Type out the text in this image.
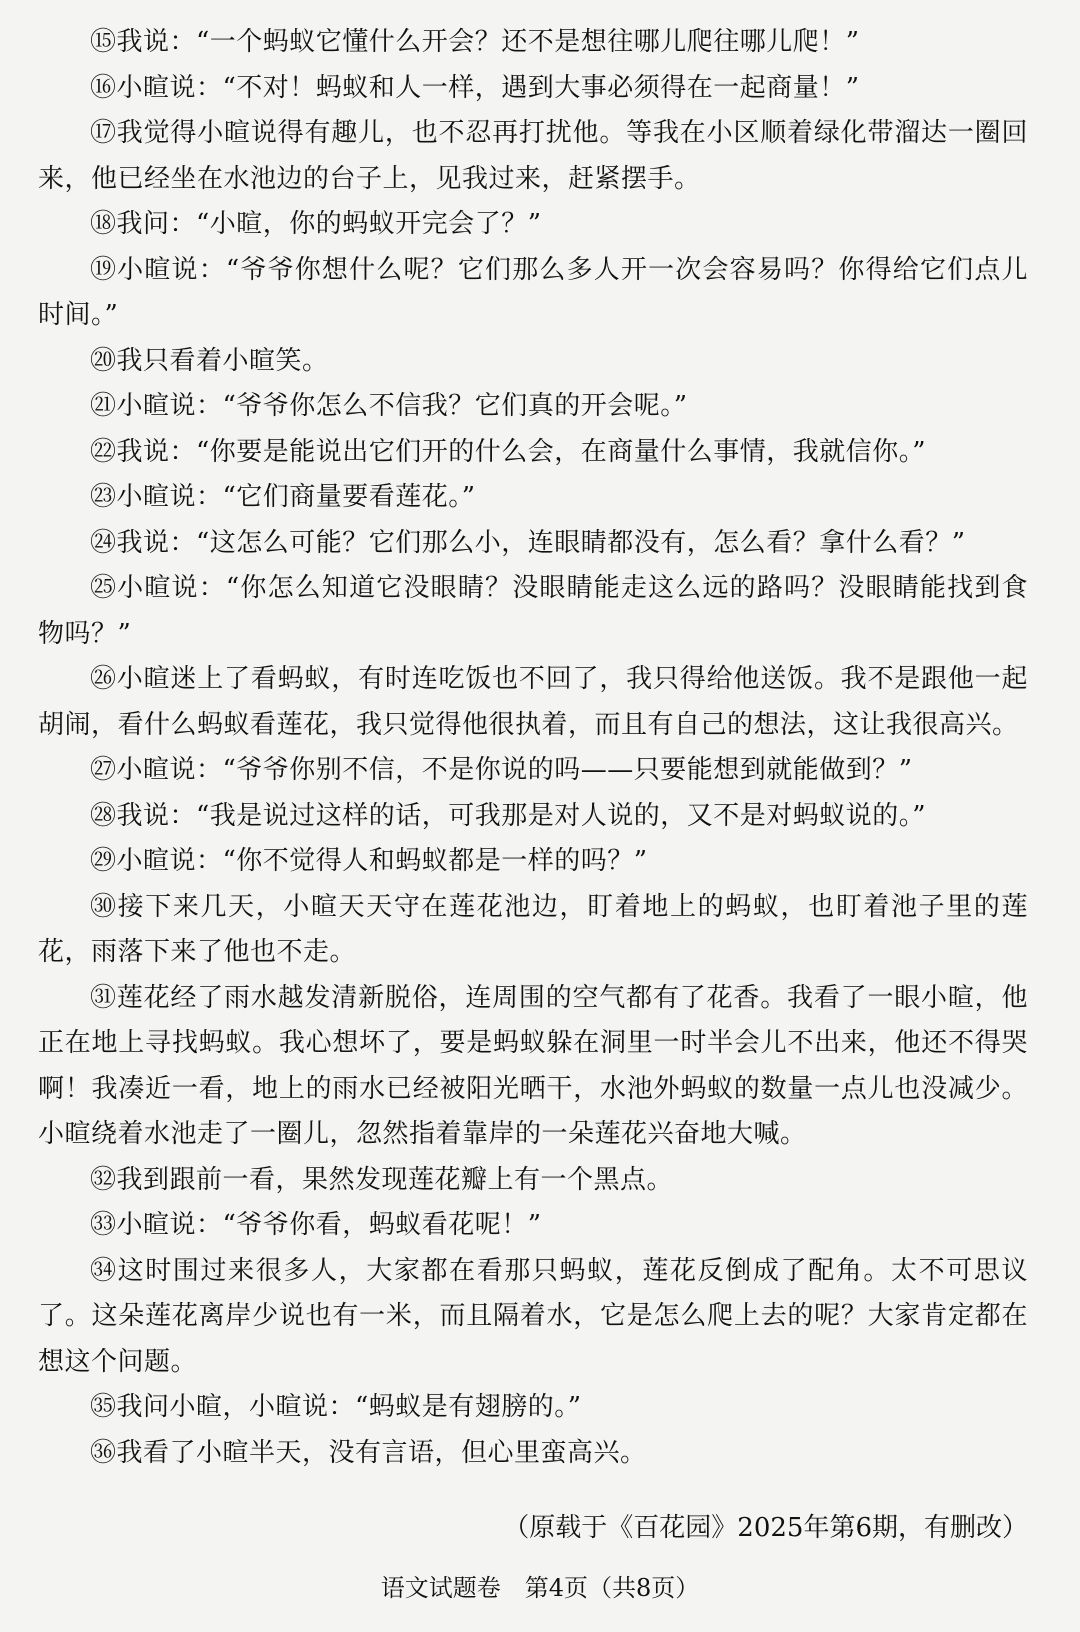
⑮我说：“一个蚂蚁它懂什么开会？还不是想往哪儿爬往哪儿爬！”

⑯小暄说：“不对！蚂蚁和人一样，遇到大事必须得在一起商量！”

⑰我觉得小暄说得有趣儿，也不忍再打扰他。等我在小区顺着绿化带溜达一圈回来，他已经坐在水池边的台子上，见我过来，赶紧摆手。

⑱我问：“小暄，你的蚂蚁开完会了？”

⑲小暄说：“爷爷你想什么呢？它们那么多人开一次会容易吗？你得给它们点儿时间。”

⑳我只看着小暄笑。

㉑小暄说：“爷爷你怎么不信我？它们真的开会呢。”

㉒我说：“你要是能说出它们开的什么会，在商量什么事情，我就信你。”

㉓小暄说：“它们商量要看莲花。”

㉔我说：“这怎么可能？它们那么小，连眼睛都没有，怎么看？拿什么看？”

㉕小暄说：“你怎么知道它没眼睛？没眼睛能走这么远的路吗？没眼睛能找到食物吗？”

㉖小暄迷上了看蚂蚁，有时连吃饭也不回了，我只得给他送饭。我不是跟他一起胡闹，看什么蚂蚁看莲花，我只觉得他很执着，而且有自己的想法，这让我很高兴。

㉗小暄说：“爷爷你别不信，不是你说的吗——只要能想到就能做到？”

㉘我说：“我是说过这样的话，可我那是对人说的，又不是对蚂蚁说的。”

㉙小暄说：“你不觉得人和蚂蚁都是一样的吗？”

㉚接下来几天，小暄天天守在莲花池边，盯着地上的蚂蚁，也盯着池子里的莲花，雨落下来了他也不走。

㉛莲花经了雨水越发清新脱俗，连周围的空气都有了花香。我看了一眼小暄，他正在地上寻找蚂蚁。我心想坏了，要是蚂蚁躲在洞里一时半会儿不出来，他还不得哭啊！我凑近一看，地上的雨水已经被阳光晒干，水池外蚂蚁的数量一点儿也没减少。小暄绕着水池走了一圈儿，忽然指着靠岸的一朵莲花兴奋地大喊。

㉜我到跟前一看，果然发现莲花瓣上有一个黑点。

㉝小暄说：“爷爷你看，蚂蚁看花呢！”

㉞这时围过来很多人，大家都在看那只蚂蚁，莲花反倒成了配角。太不可思议了。这朵莲花离岸少说也有一米，而且隔着水，它是怎么爬上去的呢？大家肯定都在想这个问题。

㉟我问小暄，小暄说：“蚂蚁是有翅膀的。”

㊱我看了小暄半天，没有言语，但心里蛮高兴。

（原载于《百花园》2025年第6期，有删改）

语文试题卷　第4页（共8页）
